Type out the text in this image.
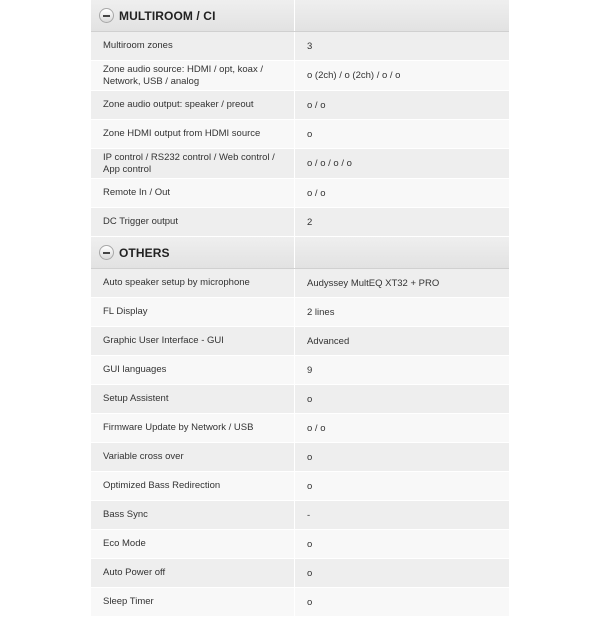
MULTIROOM / CI
Multiroom zones	3
Zone audio source: HDMI / opt, koax / Network, USB / analog	o (2ch) / o (2ch) / o / o
Zone audio output: speaker / preout	o / o
Zone HDMI output from HDMI source	o
IP control / RS232 control / Web control / App control	o / o / o / o
Remote In / Out	o / o
DC Trigger output	2
OTHERS
Auto speaker setup by microphone	Audyssey MultEQ XT32 + PRO
FL Display	2 lines
Graphic User Interface - GUI	Advanced
GUI languages	9
Setup Assistent	o
Firmware Update by Network / USB	o / o
Variable cross over	o
Optimized Bass Redirection	o
Bass Sync	-
Eco Mode	o
Auto Power off	o
Sleep Timer	o
